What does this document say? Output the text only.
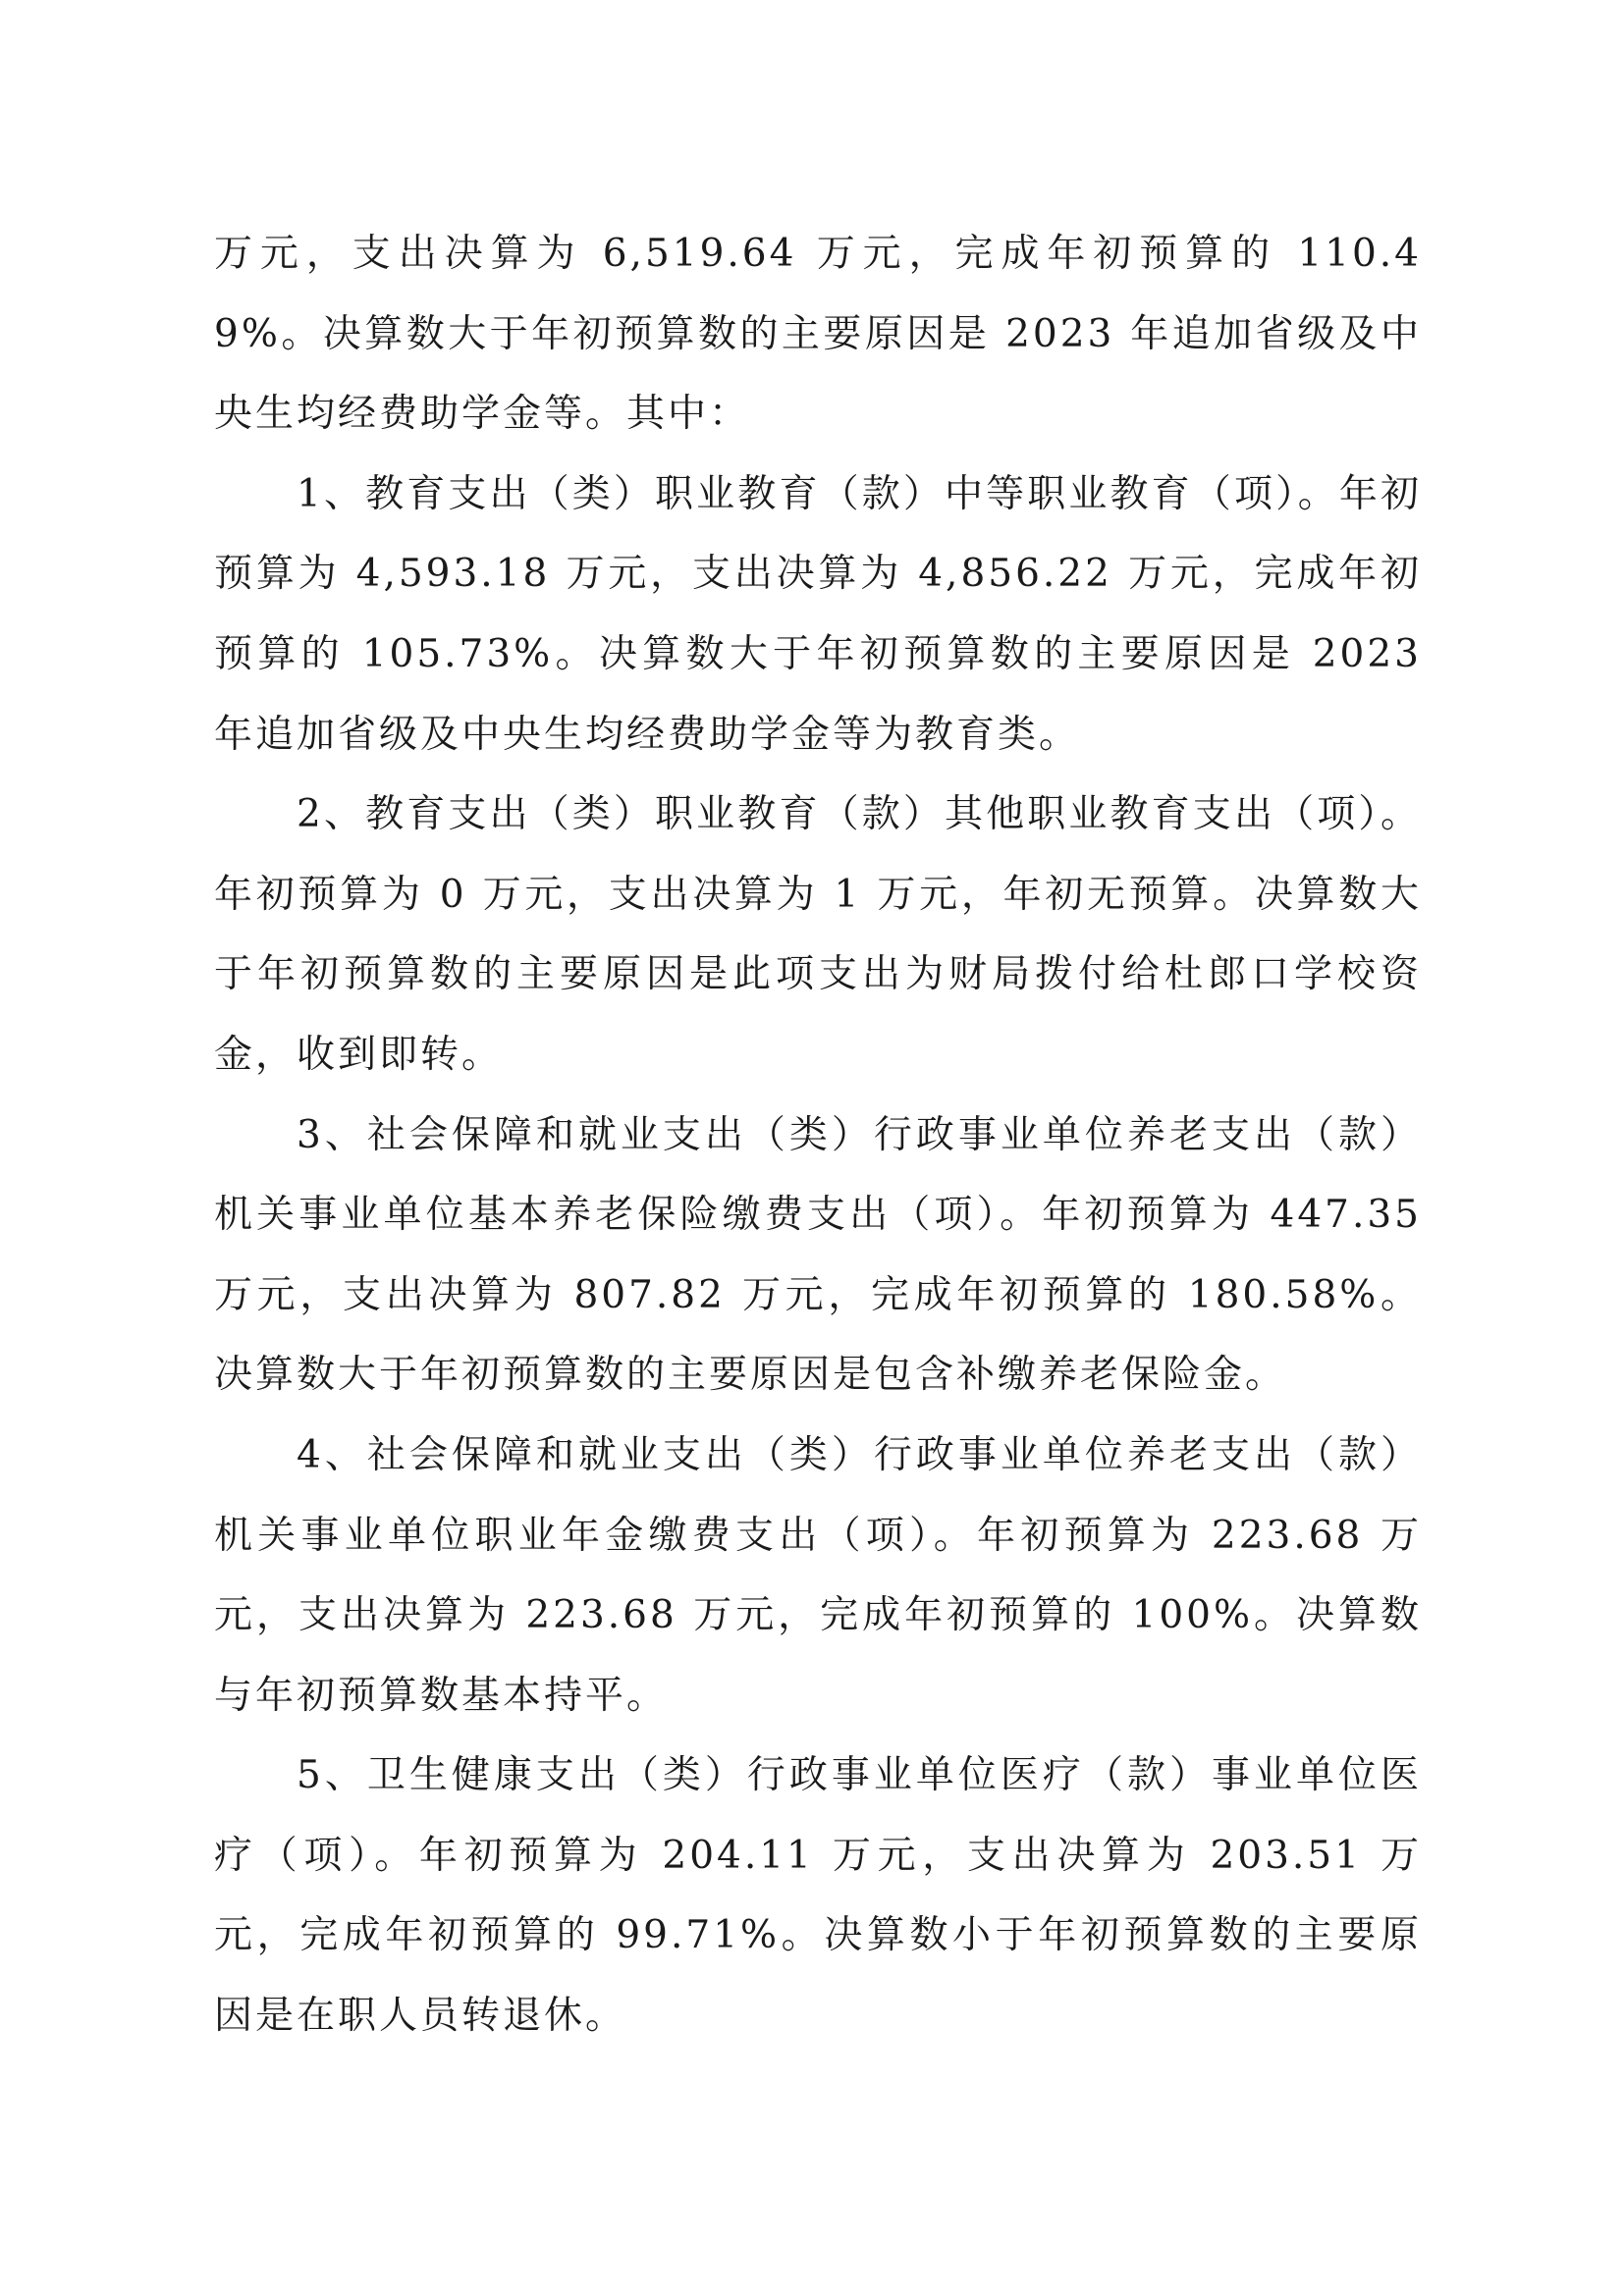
万元，支出决算为 6,519.64 万元，完成年初预算的 110.49%。决算数大于年初预算数的主要原因是 2023 年追加省级及中央生均经费助学金等。其中：

1、教育支出（类）职业教育（款）中等职业教育（项）。年初预算为 4,593.18 万元，支出决算为 4,856.22 万元，完成年初预算的 105.73%。决算数大于年初预算数的主要原因是 2023 年追加省级及中央生均经费助学金等为教育类。

2、教育支出（类）职业教育（款）其他职业教育支出（项）。年初预算为 0 万元，支出决算为 1 万元，年初无预算。决算数大于年初预算数的主要原因是此项支出为财局拨付给杜郎口学校资金，收到即转。

3、社会保障和就业支出（类）行政事业单位养老支出（款）机关事业单位基本养老保险缴费支出（项）。年初预算为 447.35 万元，支出决算为 807.82 万元，完成年初预算的 180.58%。决算数大于年初预算数的主要原因是包含补缴养老保险金。

4、社会保障和就业支出（类）行政事业单位养老支出（款）机关事业单位职业年金缴费支出（项）。年初预算为 223.68 万元，支出决算为 223.68 万元，完成年初预算的 100%。决算数与年初预算数基本持平。

5、卫生健康支出（类）行政事业单位医疗（款）事业单位医疗（项）。年初预算为 204.11 万元，支出决算为 203.51 万元，完成年初预算的 99.71%。决算数小于年初预算数的主要原因是在职人员转退休。
